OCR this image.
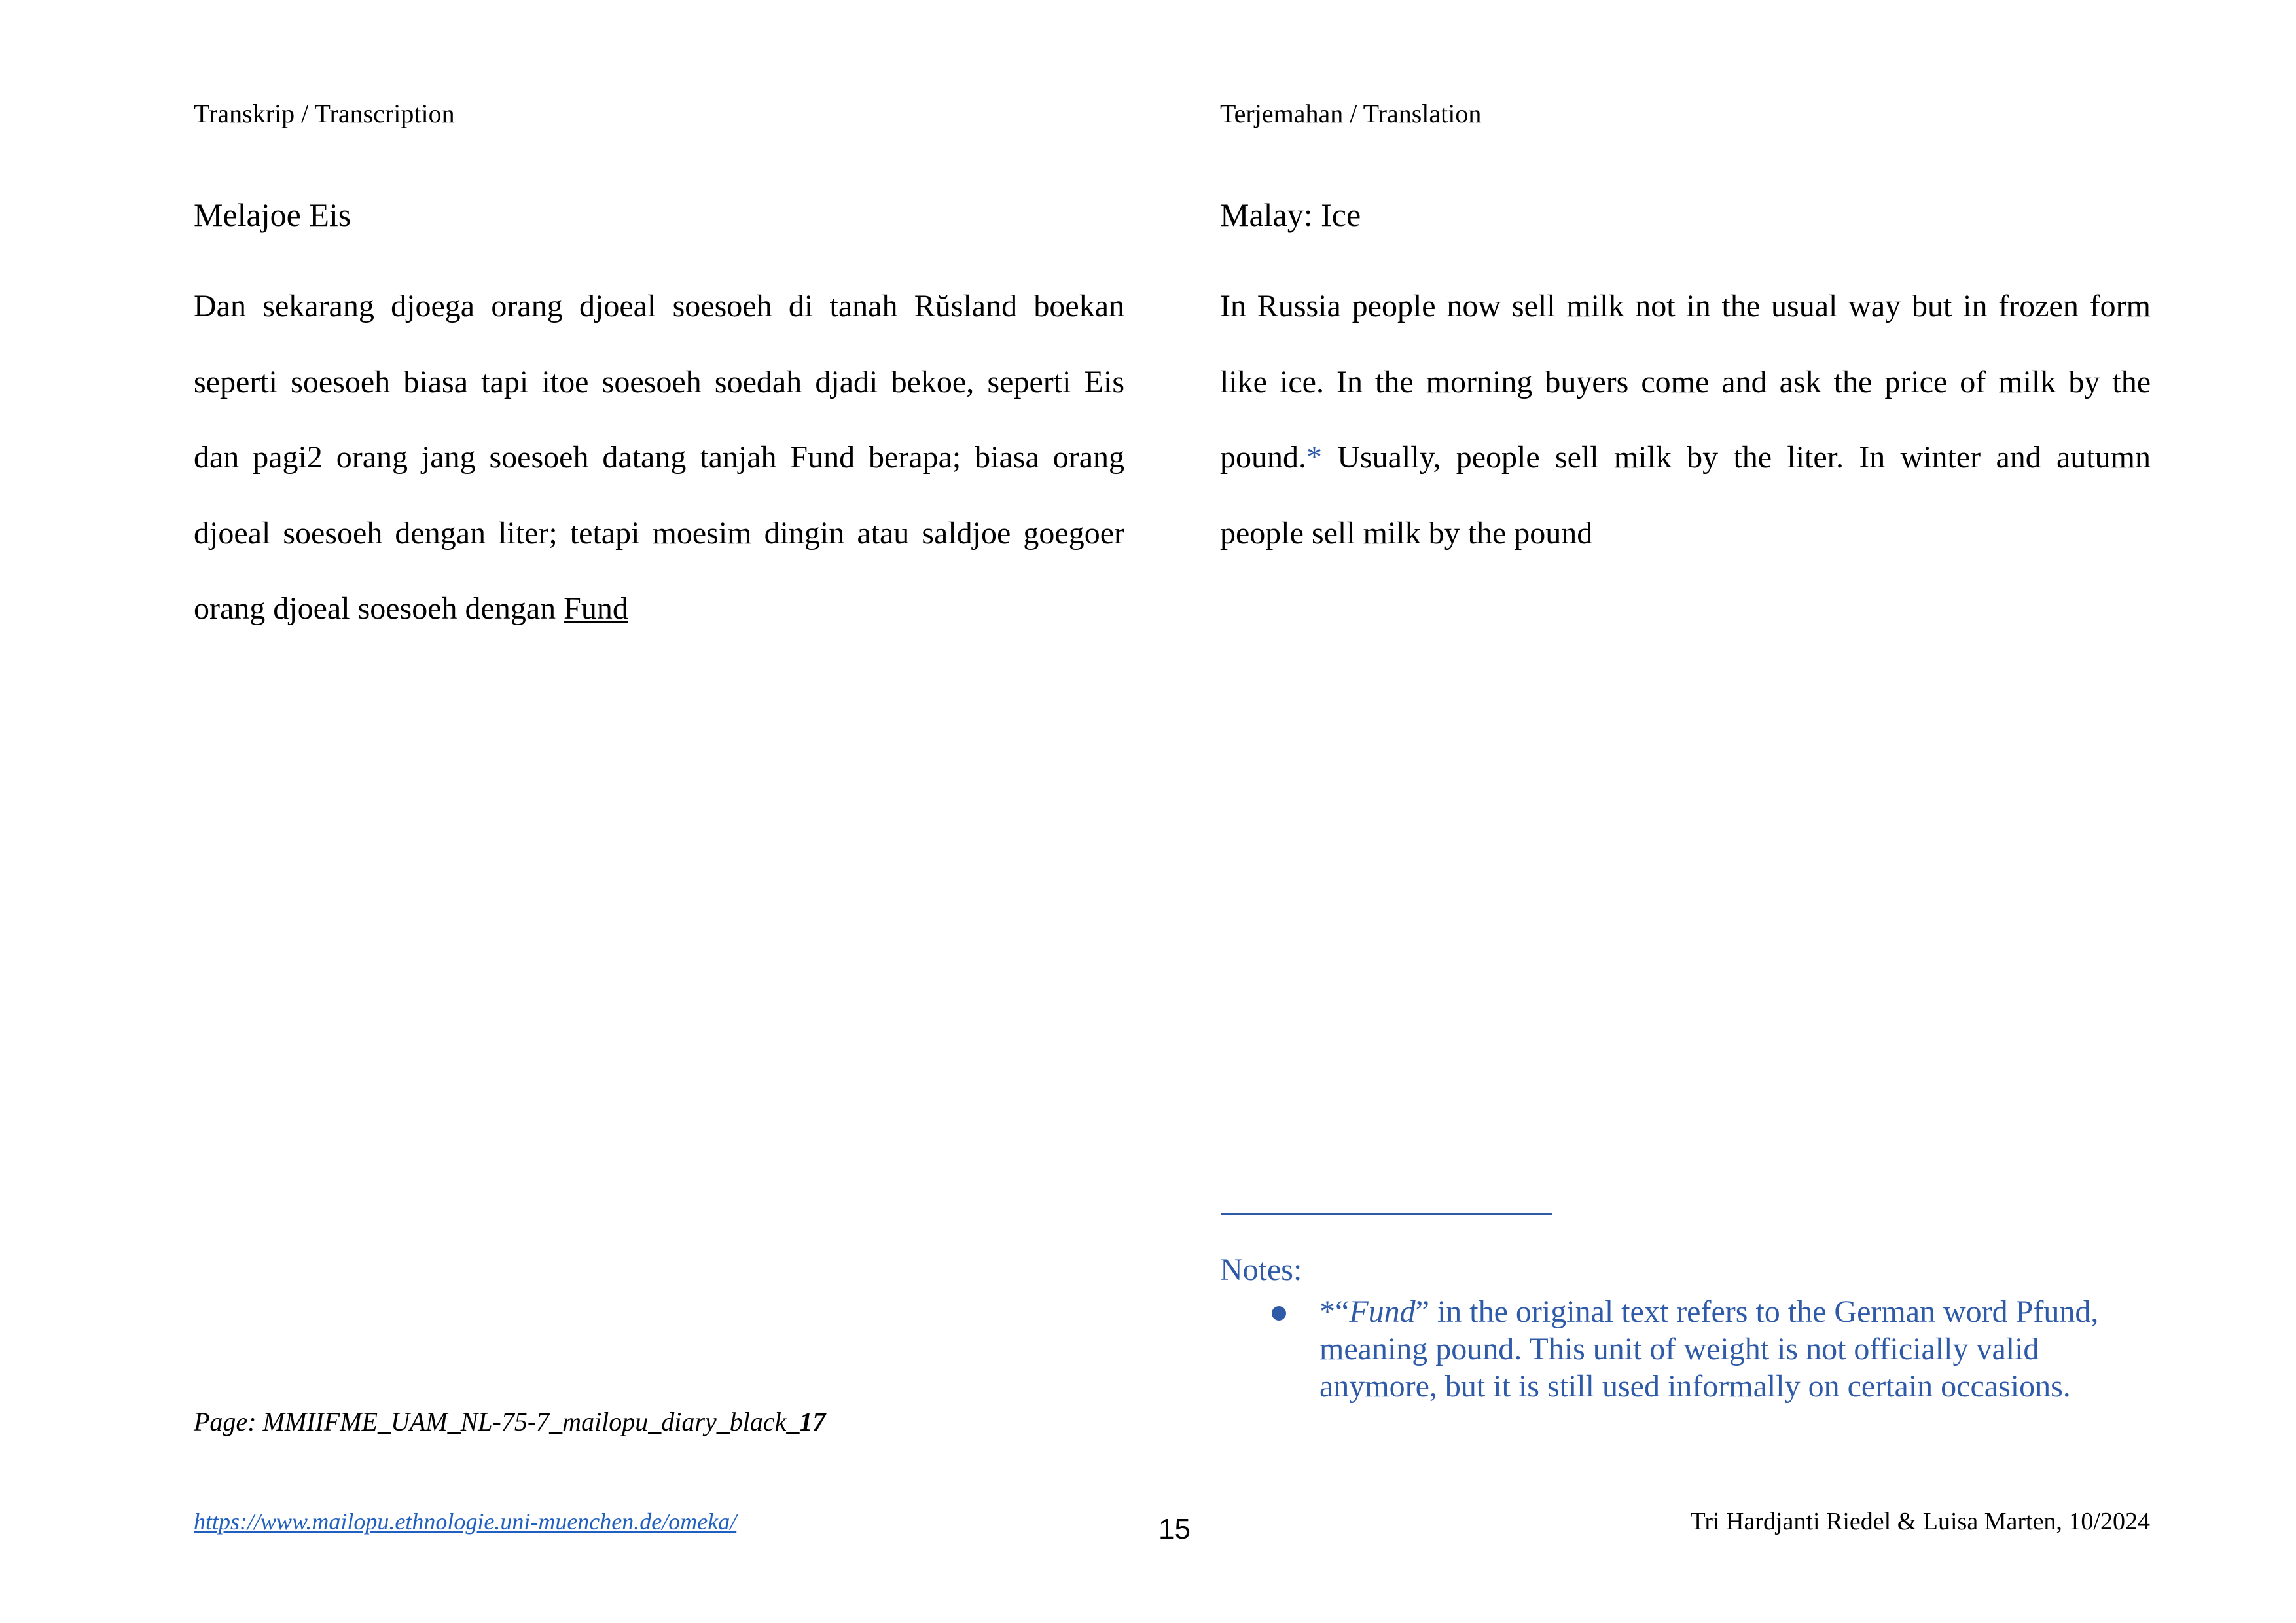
Transkrip / Transcription	Terjemahan / Translation
Melajoe Eis
Dan sekarang djoega orang djoeal soesoeh di tanah Rŭsland boekan
seperti soesoeh biasa tapi itoe soesoeh soedah djadi bekoe, seperti Eis
dan pagi2 orang jang soesoeh datang tanjah Fund berapa; biasa orang
djoeal soesoeh dengan liter; tetapi moesim dingin atau saldjoe goegoer
orang djoeal soesoeh dengan Fund
Malay: Ice
In Russia people now sell milk not in the usual way but in frozen form
like ice. In the morning buyers come and ask the price of milk by the
pound.* Usually, people sell milk by the liter. In winter and autumn
people sell milk by the pound
Notes:
*“Fund” in the original text refers to the German word Pfund,
meaning pound. This unit of weight is not officially valid
anymore, but it is still used informally on certain occasions.
Page: MMIIFME_UAM_NL-75-7_mailopu_diary_black_17
https://www.mailopu.ethnologie.uni-muenchen.de/omeka/	15	Tri Hardjanti Riedel & Luisa Marten, 10/2024
